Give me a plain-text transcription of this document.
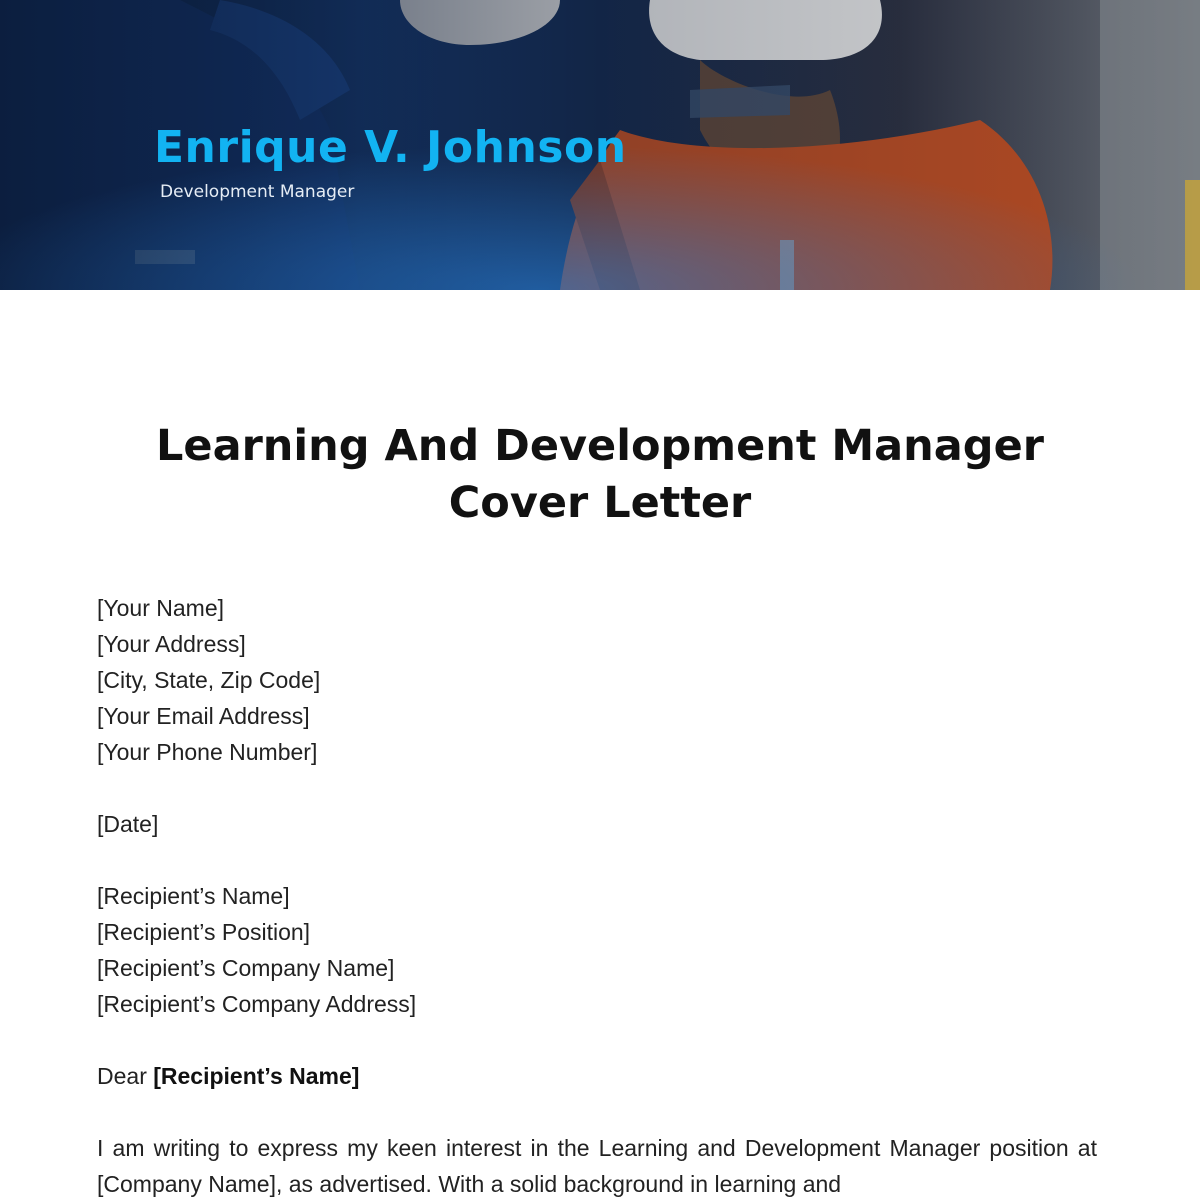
Enrique V. Johnson
Development Manager
Learning And Development Manager
Cover Letter
[Your Name]
[Your Address]
[City, State, Zip Code]
[Your Email Address]
[Your Phone Number]
[Date]
[Recipient’s Name]
[Recipient’s Position]
[Recipient’s Company Name]
[Recipient’s Company Address]
Dear [Recipient’s Name]

I am writing to express my keen interest in the Learning and Development Manager position at [Company Name], as advertised. With a solid background in learning and
